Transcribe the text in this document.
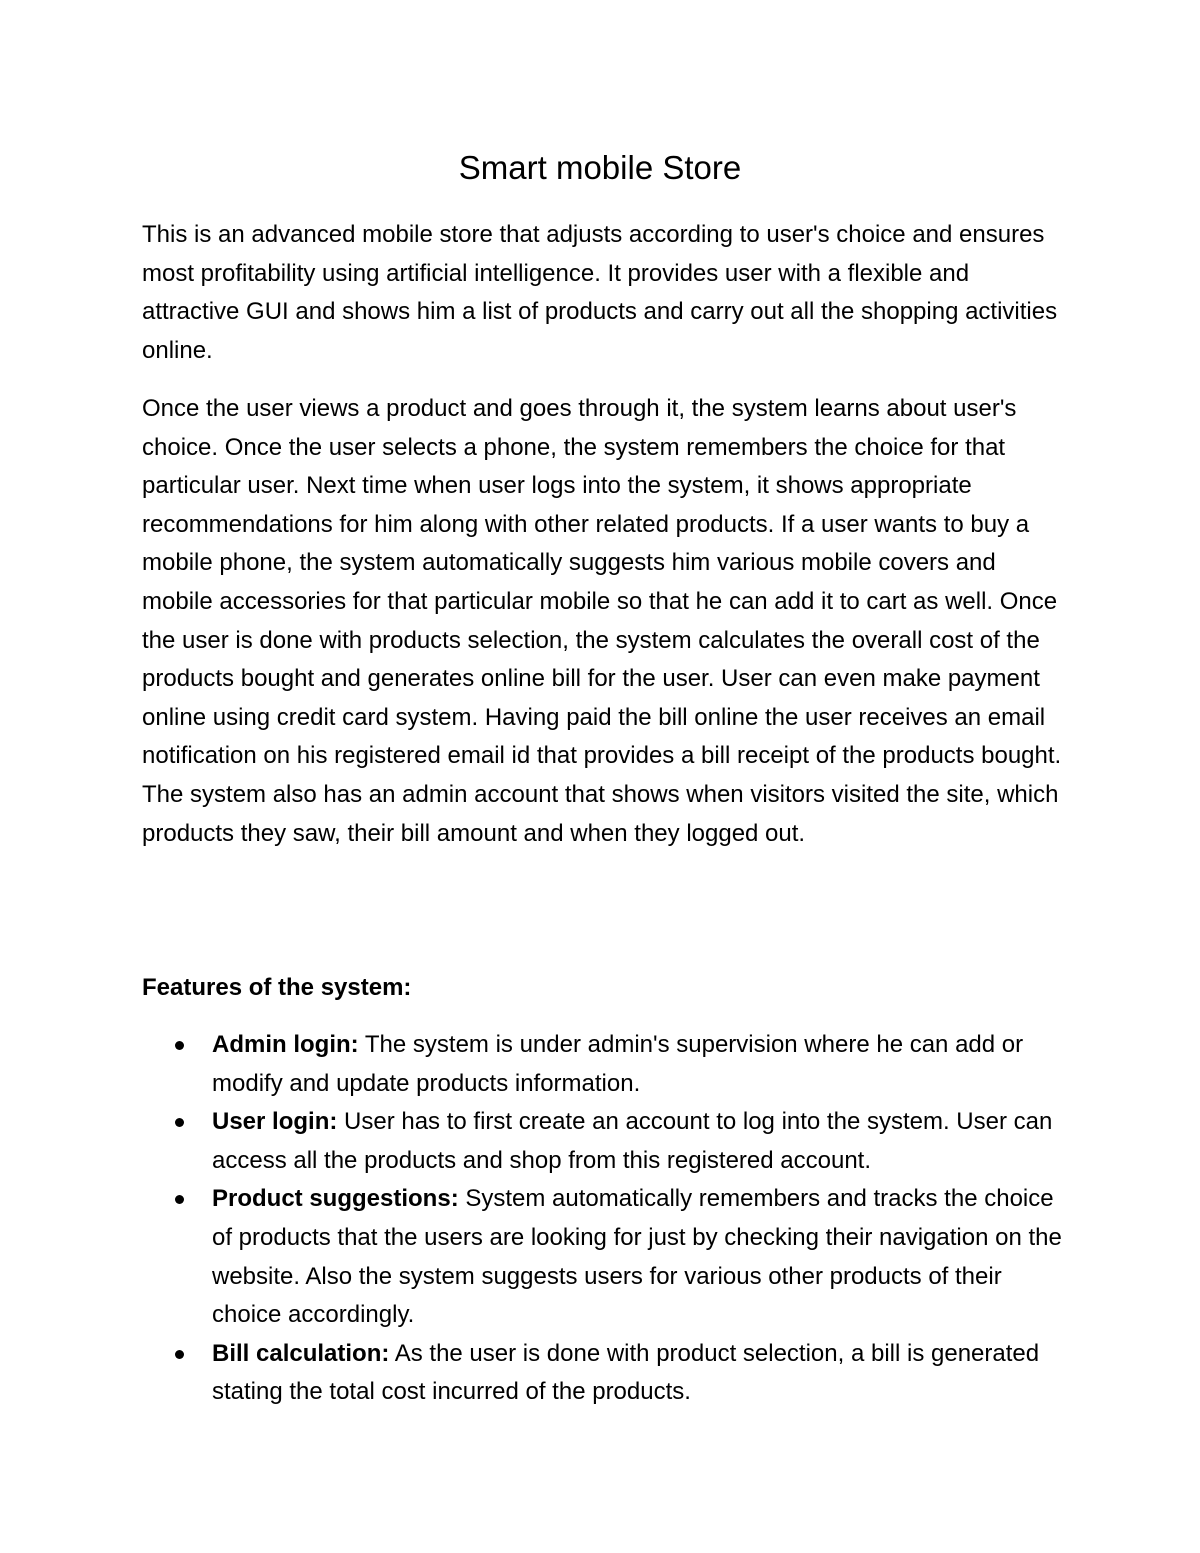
Smart mobile Store

This is an advanced mobile store that adjusts according to user's choice and ensures most profitability using artificial intelligence. It provides user with a flexible and attractive GUI and shows him a list of products and carry out all the shopping activities online.

Once the user views a product and goes through it, the system learns about user's choice. Once the user selects a phone, the system remembers the choice for that particular user. Next time when user logs into the system, it shows appropriate recommendations for him along with other related products. If a user wants to buy a mobile phone, the system automatically suggests him various mobile covers and mobile accessories for that particular mobile so that he can add it to cart as well. Once the user is done with products selection, the system calculates the overall cost of the products bought and generates online bill for the user. User can even make payment online using credit card system. Having paid the bill online the user receives an email notification on his registered email id that provides a bill receipt of the products bought. The system also has an admin account that shows when visitors visited the site, which products they saw, their bill amount and when they logged out.

Features of the system:

Admin login: The system is under admin's supervision where he can add or modify and update products information.
User login: User has to first create an account to log into the system. User can access all the products and shop from this registered account.
Product suggestions: System automatically remembers and tracks the choice of products that the users are looking for just by checking their navigation on the website. Also the system suggests users for various other products of their choice accordingly.
Bill calculation: As the user is done with product selection, a bill is generated stating the total cost incurred of the products.
